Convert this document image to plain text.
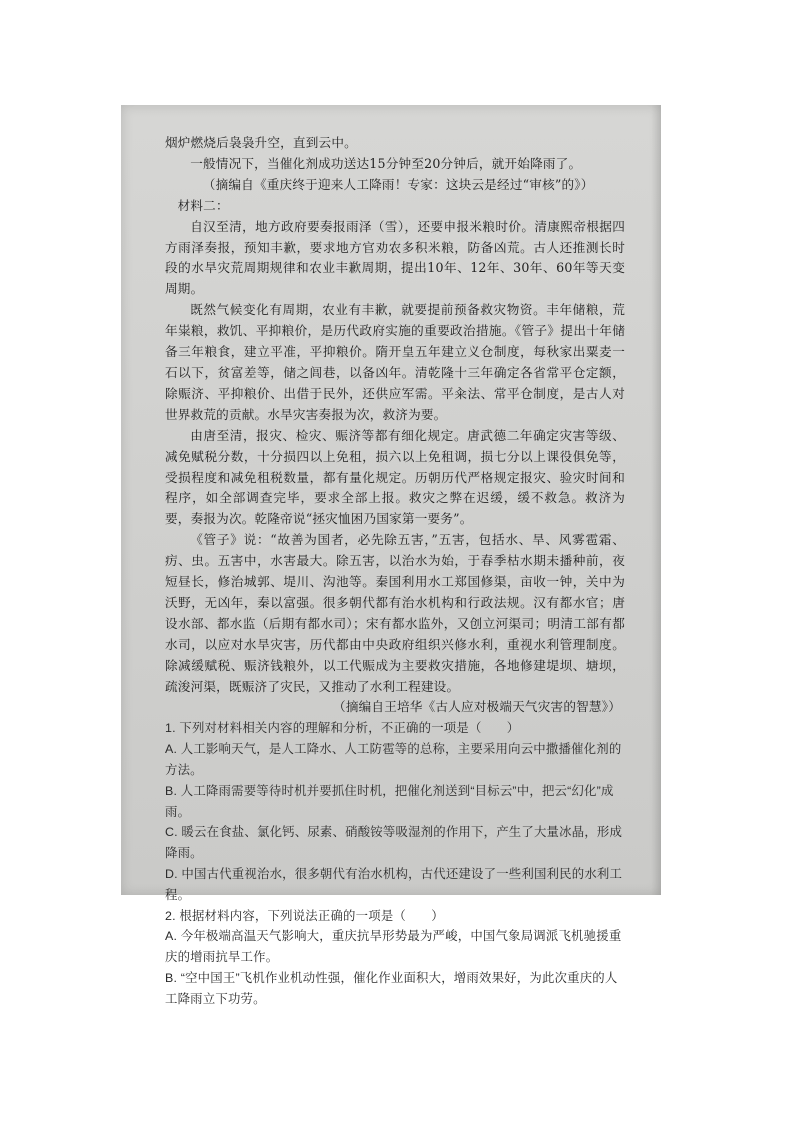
烟炉燃烧后袅袅升空，直到云中。

一般情况下，当催化剂成功送达15分钟至20分钟后，就开始降雨了。

（摘编自《重庆终于迎来人工降雨！专家：这块云是经过“审核”的》）

材料二：

自汉至清，地方政府要奏报雨泽（雪），还要申报米粮时价。清康熙帝根据四方雨泽奏报，预知丰歉，要求地方官劝农多积米粮，防备凶荒。古人还推测长时段的水旱灾荒周期规律和农业丰歉周期，提出10年、12年、30年、60年等天变周期。

既然气候变化有周期，农业有丰歉，就要提前预备救灾物资。丰年储粮，荒年粜粮，救饥、平抑粮价，是历代政府实施的重要政治措施。《管子》提出十年储备三年粮食，建立平准，平抑粮价。隋开皇五年建立义仓制度，每秋家出粟麦一石以下，贫富差等，储之闾巷，以备凶年。清乾隆十三年确定各省常平仓定额，除赈济、平抑粮价、出借于民外，还供应军需。平籴法、常平仓制度，是古人对世界救荒的贡献。水旱灾害奏报为次，救济为要。

由唐至清，报灾、检灾、赈济等都有细化规定。唐武德二年确定灾害等级、减免赋税分数，十分损四以上免租，损六以上免租调，损七分以上课役俱免等，受损程度和减免租税数量，都有量化规定。历朝历代严格规定报灾、验灾时间和程序，如全部调查完毕，要求全部上报。救灾之弊在迟缓，缓不救急。救济为要，奏报为次。乾隆帝说“拯灾恤困乃国家第一要务”。

《管子》说：“故善为国者，必先除五害，”五害，包括水、旱、风雾雹霜、疠、虫。五害中，水害最大。除五害，以治水为始，于春季枯水期未播种前，夜短昼长，修治城郭、堤川、沟池等。秦国利用水工郑国修渠，亩收一钟，关中为沃野，无凶年，秦以富强。很多朝代都有治水机构和行政法规。汉有都水官；唐设水部、都水监（后期有都水司）；宋有都水监外，又创立河渠司；明清工部有都水司，以应对水旱灾害，历代都由中央政府组织兴修水利，重视水利管理制度。除减缓赋税、赈济钱粮外，以工代赈成为主要救灾措施，各地修建堤坝、塘坝，疏浚河渠，既赈济了灾民，又推动了水利工程建设。

（摘编自王培华《古人应对极端天气灾害的智慧》）

1. 下列对材料相关内容的理解和分析，不正确的一项是（　　）

A. 人工影响天气，是人工降水、人工防雹等的总称，主要采用向云中撒播催化剂的方法。

B. 人工降雨需要等待时机并要抓住时机，把催化剂送到“目标云”中，把云“幻化”成雨。

C. 暖云在食盐、氯化钙、尿素、硝酸铵等吸湿剂的作用下，产生了大量冰晶，形成降雨。

D. 中国古代重视治水，很多朝代有治水机构，古代还建设了一些利国利民的水利工程。

2. 根据材料内容，下列说法正确的一项是（　　）

A. 今年极端高温天气影响大，重庆抗旱形势最为严峻，中国气象局调派飞机驰援重庆的增雨抗旱工作。

B. “空中国王”飞机作业机动性强，催化作业面积大，增雨效果好，为此次重庆的人工降雨立下功劳。
